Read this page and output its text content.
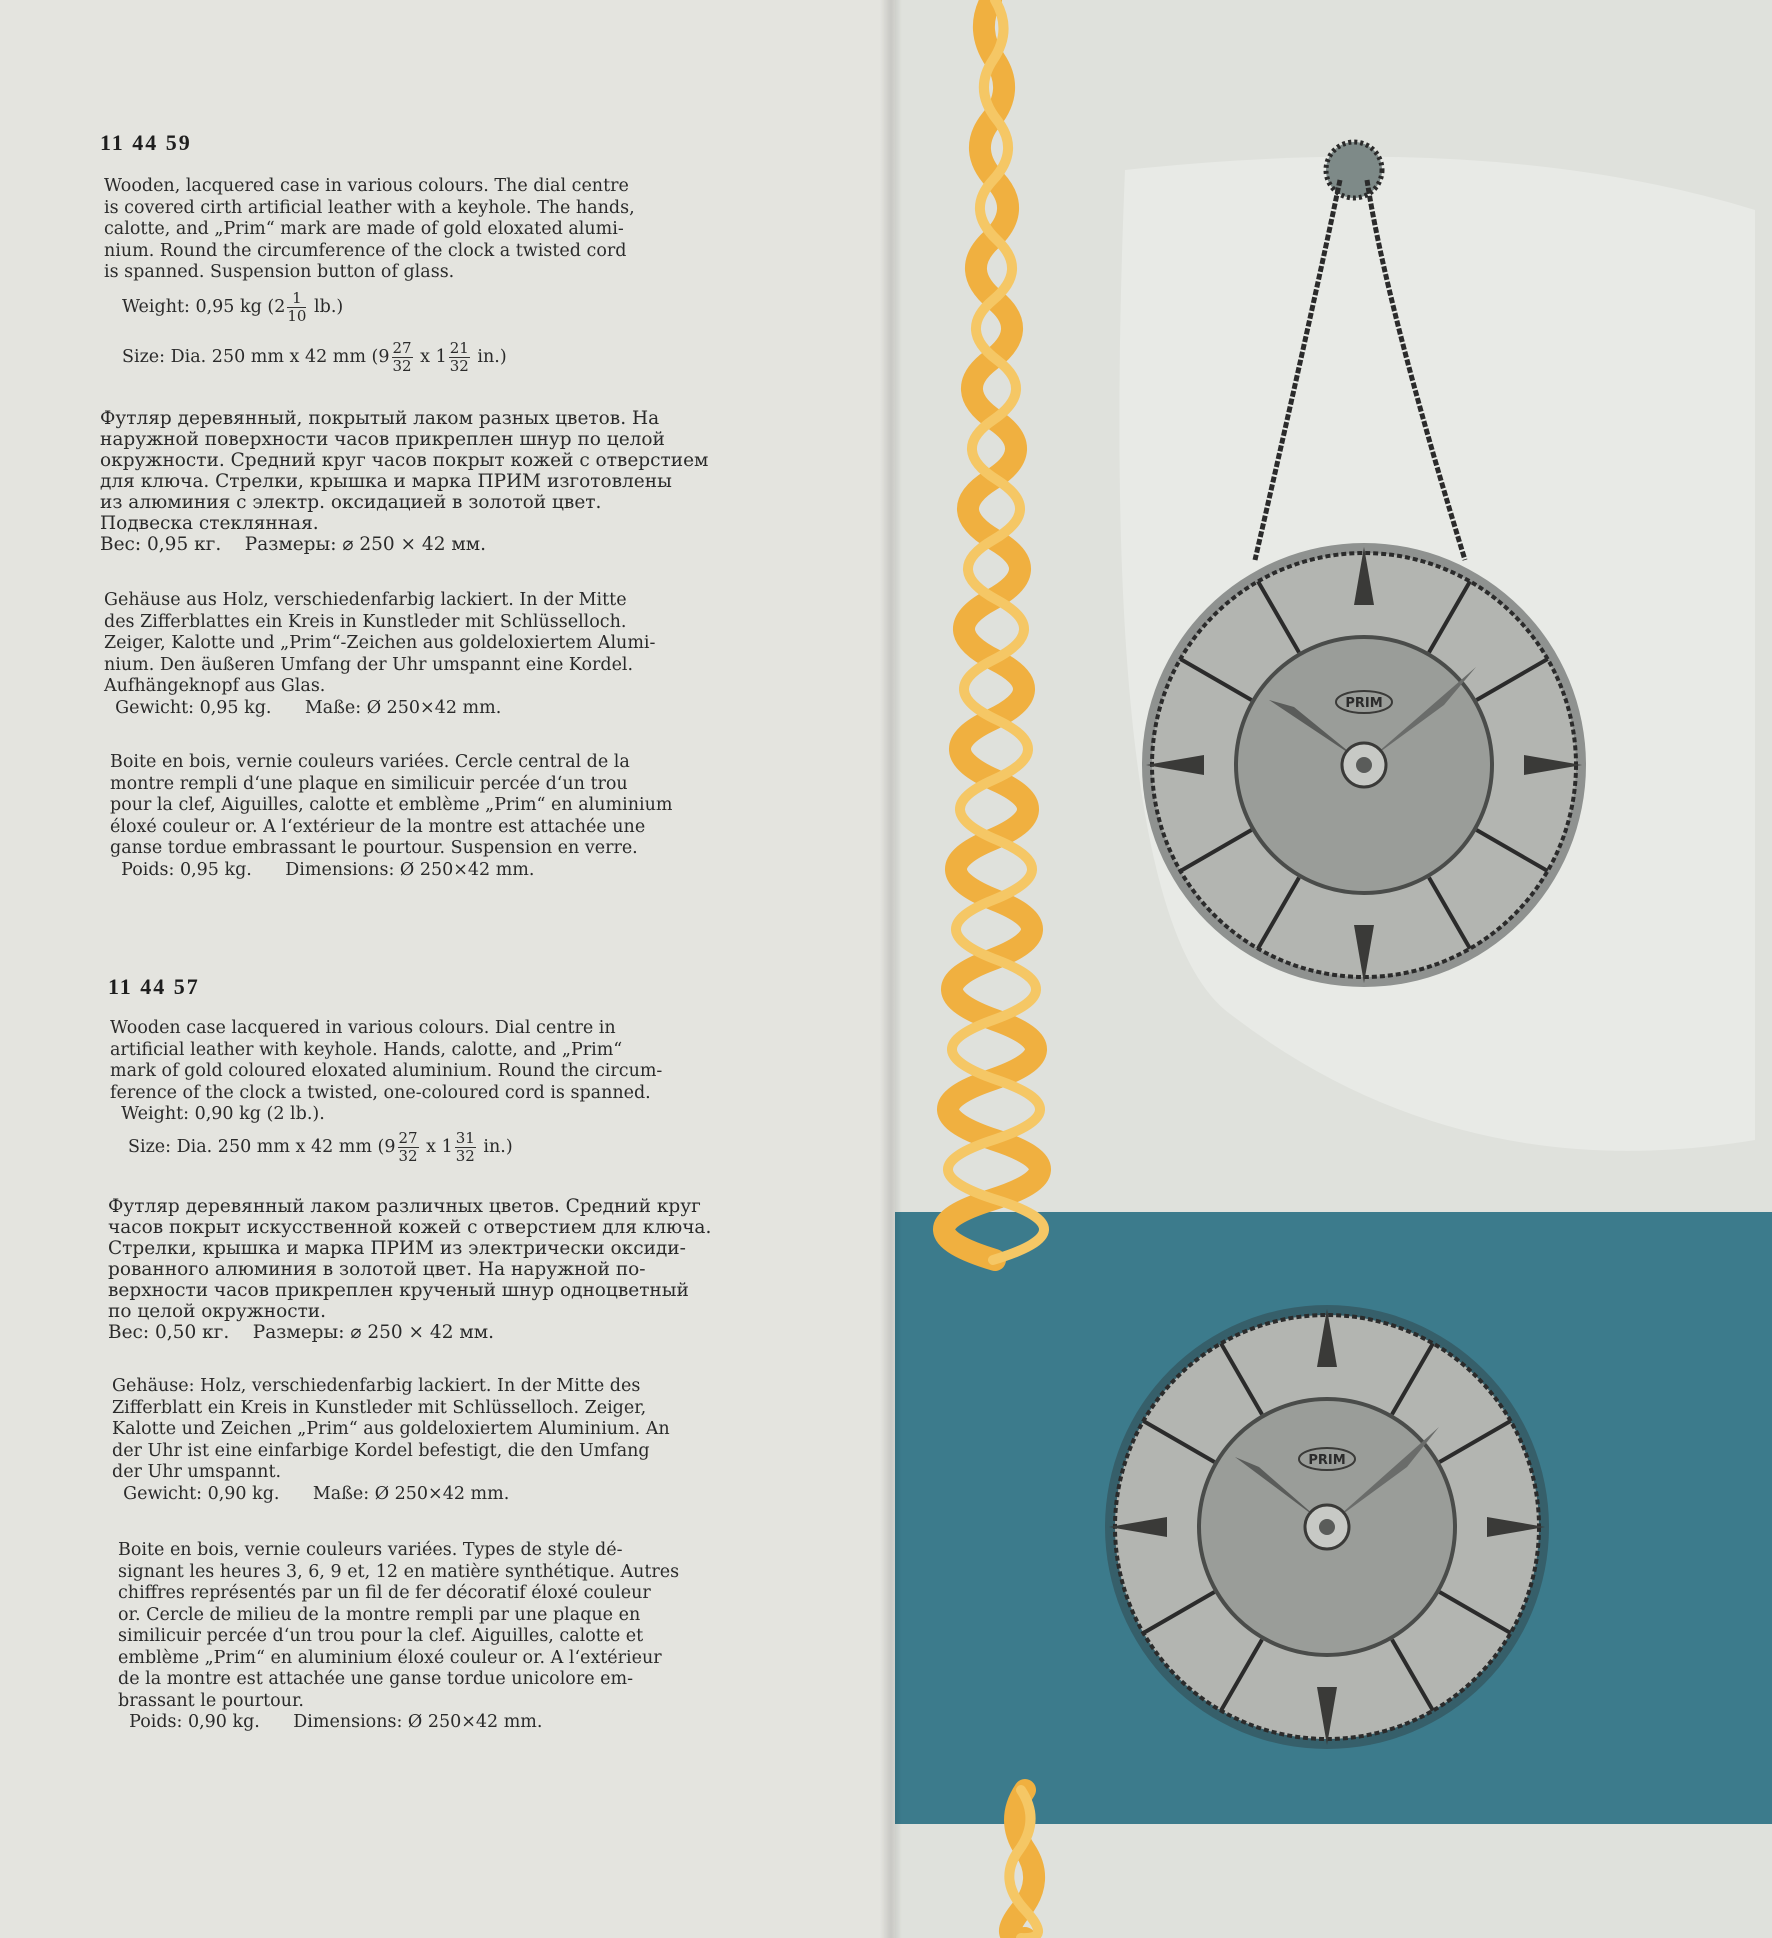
11 44 59

Wooden, lacquered case in various colours. The dial centre
is covered cirth artificial leather with a keyhole. The hands,
calotte, and „Prim“ mark are made of gold eloxated alumi-
nium. Round the circumference of the clock a twisted cord
is spanned. Suspension button of glass.

Weight: 0,95 kg $(2 \frac{1}{10} lb.)$
Size: Dia. 250 mm x 42 mm ($9 \frac{27}{32}$ x $1 \frac{21}{32} in$.)

Футляр деревянный, покрытый лаком разных цветов. На
наружной поверхности часов прикреплен шнур по целой
окружности. Средний круг часов покрыт кожей с отверстием
для ключа. Стрелки, крышка и марка ПРИМ изготовлены
из алюминия с электр. оксидацией в золотой цвет.
Подвеска стеклянная.
Вес: 0,95 кг.    Размеры: ⌀ 250 × 42 мм.

Gehäuse aus Holz, verschiedenfarbig lackiert. In der Mitte
des Zifferblattes ein Kreis in Kunstleder mit Schlüsselloch.
Zeiger, Kalotte und „Prim“-Zeichen aus goldeloxiertem Alumi-
nium. Den äußeren Umfang der Uhr umspannt eine Kordel.
Aufhängeknopf aus Glas.
Gewicht: 0,95 kg.      Maße: Ø 250×42 mm.

Boite en bois, vernie couleurs variées. Cercle central de la
montre rempli d‘une plaque en similicuir percée d‘un trou
pour la clef, Aiguilles, calotte et emblème „Prim“ en aluminium
éloxé couleur or. A l‘extérieur de la montre est attachée une
ganse tordue embrassant le pourtour. Suspension en verre.
Poids: 0,95 kg.      Dimensions: Ø 250×42 mm.

11 44 57

Wooden case lacquered in various colours. Dial centre in
artificial leather with keyhole. Hands, calotte, and „Prim“
mark of gold coloured eloxated aluminium. Round the circum-
ference of the clock a twisted, one-coloured cord is spanned.
Weight: 0,90 kg (2 lb.).

Size: Dia. 250 mm x 42 mm ($9 \frac{27}{32}$ x $1 \frac{31}{32} in$.)

Футляр деревянный лаком различных цветов. Средний круг
часов покрыт искусственной кожей с отверстием для ключа.
Стрелки, крышка и марка ПРИМ из электрически оксиди-
рованного алюминия в золотой цвет. На наружной по-
верхности часов прикреплен крученый шнур одноцветный
по целой окружности.
Вес: 0,50 кг.    Размеры: ⌀ 250 × 42 мм.

Gehäuse: Holz, verschiedenfarbig lackiert. In der Mitte des
Zifferblatt ein Kreis in Kunstleder mit Schlüsselloch. Zeiger,
Kalotte und Zeichen „Prim“ aus goldeloxiertem Aluminium. An
der Uhr ist eine einfarbige Kordel befestigt, die den Umfang
der Uhr umspannt.
Gewicht: 0,90 kg.      Maße: Ø 250×42 mm.

Boite en bois, vernie couleurs variées. Types de style dé-
signant les heures 3, 6, 9 et, 12 en matière synthétique. Autres
chiffres représentés par un fil de fer décoratif éloxé couleur
or. Cercle de milieu de la montre rempli par une plaque en
similicuir percée d‘un trou pour la clef. Aiguilles, calotte et
emblème „Prim“ en aluminium éloxé couleur or. A l‘extérieur
de la montre est attachée une ganse tordue unicolore em-
brassant le pourtour.
Poids: 0,90 kg.      Dimensions: Ø 250×42 mm.

PRIM
PRIM
